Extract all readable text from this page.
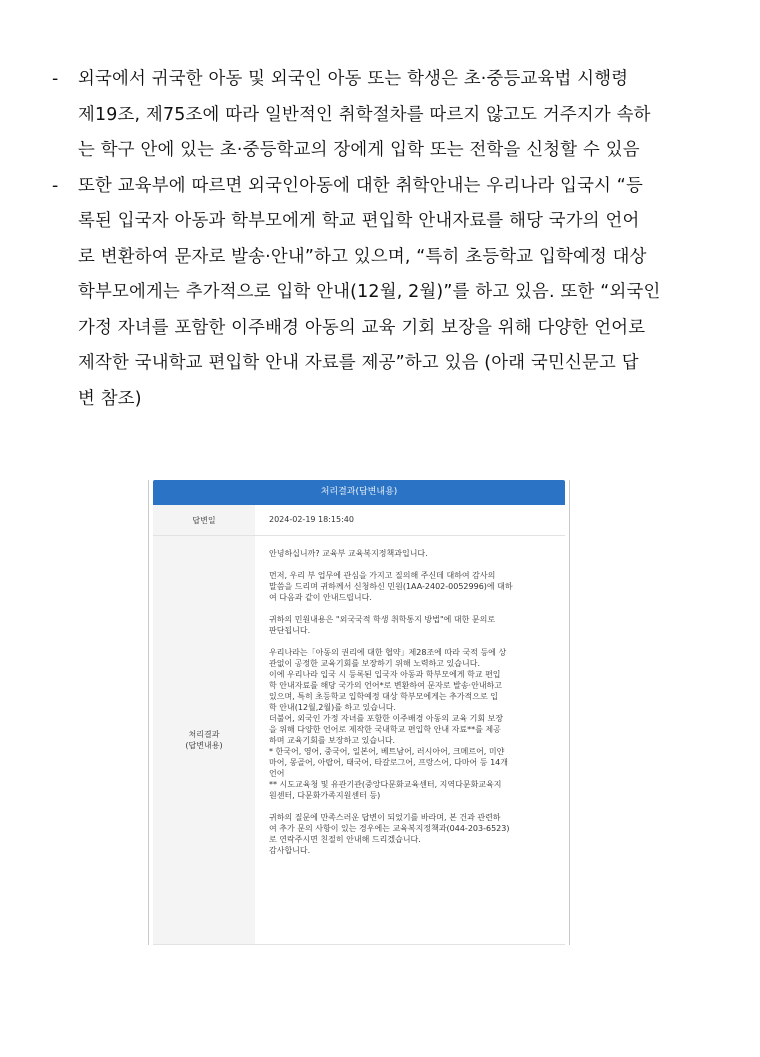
- 외국에서 귀국한 아동 및 외국인 아동 또는 학생은 초·중등교육법 시행령
제19조, 제75조에 따라 일반적인 취학절차를 따르지 않고도 거주지가 속하
는 학구 안에 있는 초·중등학교의 장에게 입학 또는 전학을 신청할 수 있음

- 또한 교육부에 따르면 외국인아동에 대한 취학안내는 우리나라 입국시 “등
록된 입국자 아동과 학부모에게 학교 편입학 안내자료를 해당 국가의 언어
로 변환하여 문자로 발송·안내”하고 있으며, “특히 초등학교 입학예정 대상
학부모에게는 추가적으로 입학 안내(12월, 2월)”를 하고 있음. 또한 “외국인
가정 자녀를 포함한 이주배경 아동의 교육 기회 보장을 위해 다양한 언어로
제작한 국내학교 편입학 안내 자료를 제공”하고 있음 (아래 국민신문고 답
변 참조)

처리결과(답변내용)
답변일	2024-02-19 18:15:40
처리결과
(답변내용)

안녕하십니까? 교육부 교육복지정책과입니다.

먼저, 우리 부 업무에 관심을 가지고 질의해 주신데 대하여 감사의
말씀을 드리며 귀하께서 신청하신 민원(1AA-2402-0052996)에 대하
여 다음과 같이 안내드립니다.

귀하의 민원내용은 "외국국적 학생 취학통지 방법"에 대한 문의로
판단됩니다.

우리나라는「아동의 권리에 대한 협약」제28조에 따라 국적 등에 상
관없이 공정한 교육기회를 보장하기 위해 노력하고 있습니다.
이에 우리나라 입국 시 등록된 입국자 아동과 학부모에게 학교 편입
학 안내자료를 해당 국가의 언어*로 변환하여 문자로 발송·안내하고
있으며, 특히 초등학교 입학예정 대상 학부모에게는 추가적으로 입
학 안내(12월,2월)를 하고 있습니다.
더불어, 외국인 가정 자녀를 포함한 이주배경 아동의 교육 기회 보장
을 위해 다양한 언어로 제작한 국내학교 편입학 안내 자료**를 제공
하며 교육기회를 보장하고 있습니다.
* 한국어, 영어, 중국어, 일본어, 베트남어, 러시아어, 크메르어, 미얀
마어, 몽골어, 아랍어, 태국어, 타갈로그어, 프랑스어, 다마어 등 14개
언어
** 시도교육청 및 유관기관(중앙다문화교육센터, 지역다문화교육지
원센터, 다문화가족지원센터 등)

귀하의 질문에 만족스러운 답변이 되었기를 바라며, 본 건과 관련하
여 추가 문의 사항이 있는 경우에는 교육복지정책과(044-203-6523)
로 연락주시면 친절히 안내해 드리겠습니다.
감사합니다.
